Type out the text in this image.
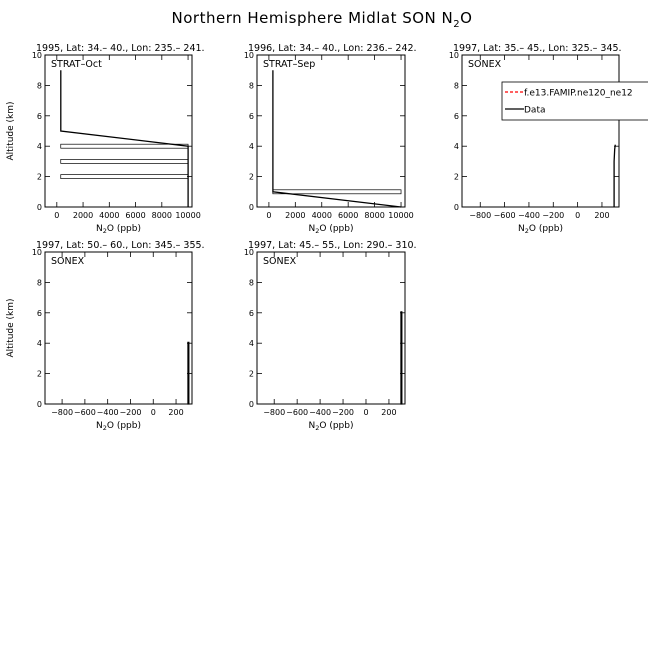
Northern Hemisphere Midlat SON $N_2O$
1995, Lat: 34.– 40., Lon: 235.– 241.
0
2
4
6
8
10
0 2000 4000 6000 8000 10000
$N_2O$ (ppb)
Altitude (km)
STRAT–Oct
1996, Lat: 34.– 40., Lon: 236.– 242.
0
2
4
6
8
10
0 2000 4000 6000 8000 10000
$N_2O$ (ppb)
STRAT–Sep
1997, Lat: 35.– 45., Lon: 325.– 345.
0
2
4
6
8
10
−800 −600 −400 −200 0 200
$N_2O$ (ppb)
SONEX
1997, Lat: 50.– 60., Lon: 345.– 355.
0
2
4
6
8
10
−800 −600 −400 −200 0 200
$N_2O$ (ppb)
Altitude (km)
SONEX
1997, Lat: 45.– 55., Lon: 290.– 310.
0
2
4
6
8
10
−800 −600 −400 −200 0 200
$N_2O$ (ppb)
SONEX
f.e13.FAMIP.ne120_ne12
Data
